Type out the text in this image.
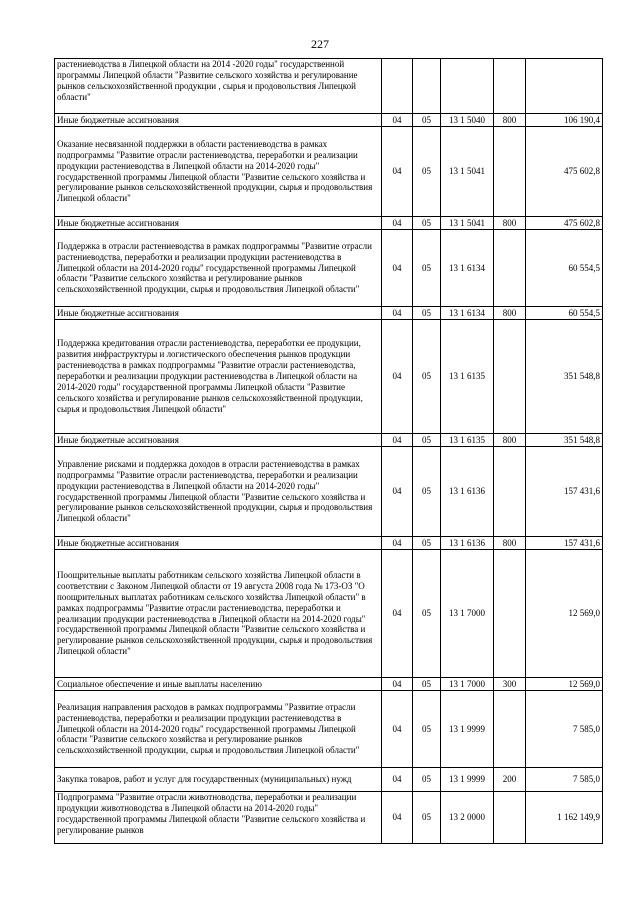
227
растениеводства в Липецкой области на 2014 -2020 годы" государственной программы Липецкой области "Развитие сельского хозяйства и регулирование рынков сельскохозяйственной продукции , сырья и продовольствия Липецкой области"					
Иные бюджетные ассигнования	04	05	13 1 5040	800	106 190,4
Оказание несвязанной поддержки в области растениеводства в рамках подпрограммы "Развитие отрасли растениеводства, переработки и реализации продукции растениеводства в Липецкой области на 2014-2020 годы" государственной программы Липецкой области "Развитие сельского хозяйства и регулирование рынков сельскохозяйственной продукции, сырья и продовольствия Липецкой области"	04	05	13 1 5041		475 602,8
Иные бюджетные ассигнования	04	05	13 1 5041	800	475 602,8
Поддержка в отрасли растениеводства в рамках подпрограммы "Развитие отрасли растениеводства, переработки и реализации продукции растениеводства в Липецкой области на 2014-2020 годы" государственной программы Липецкой области "Развитие сельского хозяйства и регулирование рынков сельскохозяйственной продукции, сырья и продовольствия Липецкой области"	04	05	13 1 6134		60 554,5
Иные бюджетные ассигнования	04	05	13 1 6134	800	60 554,5
Поддержка кредитования отрасли растениеводства, переработки ее продукции, развития инфраструктуры и логистического обеспечения рынков продукции растениеводства в рамках подпрограммы "Развитие отрасли растениеводства, переработки и реализации продукции растениеводства в Липецкой области на 2014-2020 годы" государственной программы Липецкой области "Развитие сельского хозяйства и регулирование рынков сельскохозяйственной продукции, сырья и продовольствия Липецкой области"	04	05	13 1 6135		351 548,8
Иные бюджетные ассигнования	04	05	13 1 6135	800	351 548,8
Управление рисками и поддержка доходов в отрасли растениеводства в рамках подпрограммы "Развитие отрасли растениеводства, переработки и реализации продукции растениеводства в Липецкой области на 2014-2020 годы" государственной программы Липецкой области "Развитие сельского хозяйства и регулирование рынков сельскохозяйственной продукции, сырья и продовольствия Липецкой области"	04	05	13 1 6136		157 431,6
Иные бюджетные ассигнования	04	05	13 1 6136	800	157 431,6
Поощрительные выплаты работникам сельского хозяйства Липецкой области в соответствии с Законом Липецкой области от 19 августа 2008 года № 173-ОЗ "О поощрительных выплатах работникам сельского хозяйства Липецкой области" в рамках подпрограммы "Развитие отрасли растениеводства, переработки и реализации продукции растениеводства в Липецкой области на 2014-2020 годы" государственной программы Липецкой области "Развитие сельского хозяйства и регулирование рынков сельскохозяйственной продукции, сырья и продовольствия Липецкой области"	04	05	13 1 7000		12 569,0
Социальное обеспечение и иные выплаты населению	04	05	13 1 7000	300	12 569,0
Реализация направления расходов в рамках подпрограммы "Развитие отрасли растениеводства, переработки и реализации продукции растениеводства в Липецкой области на 2014-2020 годы" государственной программы Липецкой области "Развитие сельского хозяйства и регулирование рынков сельскохозяйственной продукции, сырья и продовольствия Липецкой области"	04	05	13 1 9999		7 585,0
Закупка товаров, работ и услуг для государственных (муниципальных) нужд	04	05	13 1 9999	200	7 585,0
Подпрограмма "Развитие отрасли животноводства, переработки и реализации продукции животноводства в Липецкой области на 2014-2020 годы" государственной программы Липецкой области "Развитие сельского хозяйства и регулирование рынков	04	05	13 2 0000		1 162 149,9
